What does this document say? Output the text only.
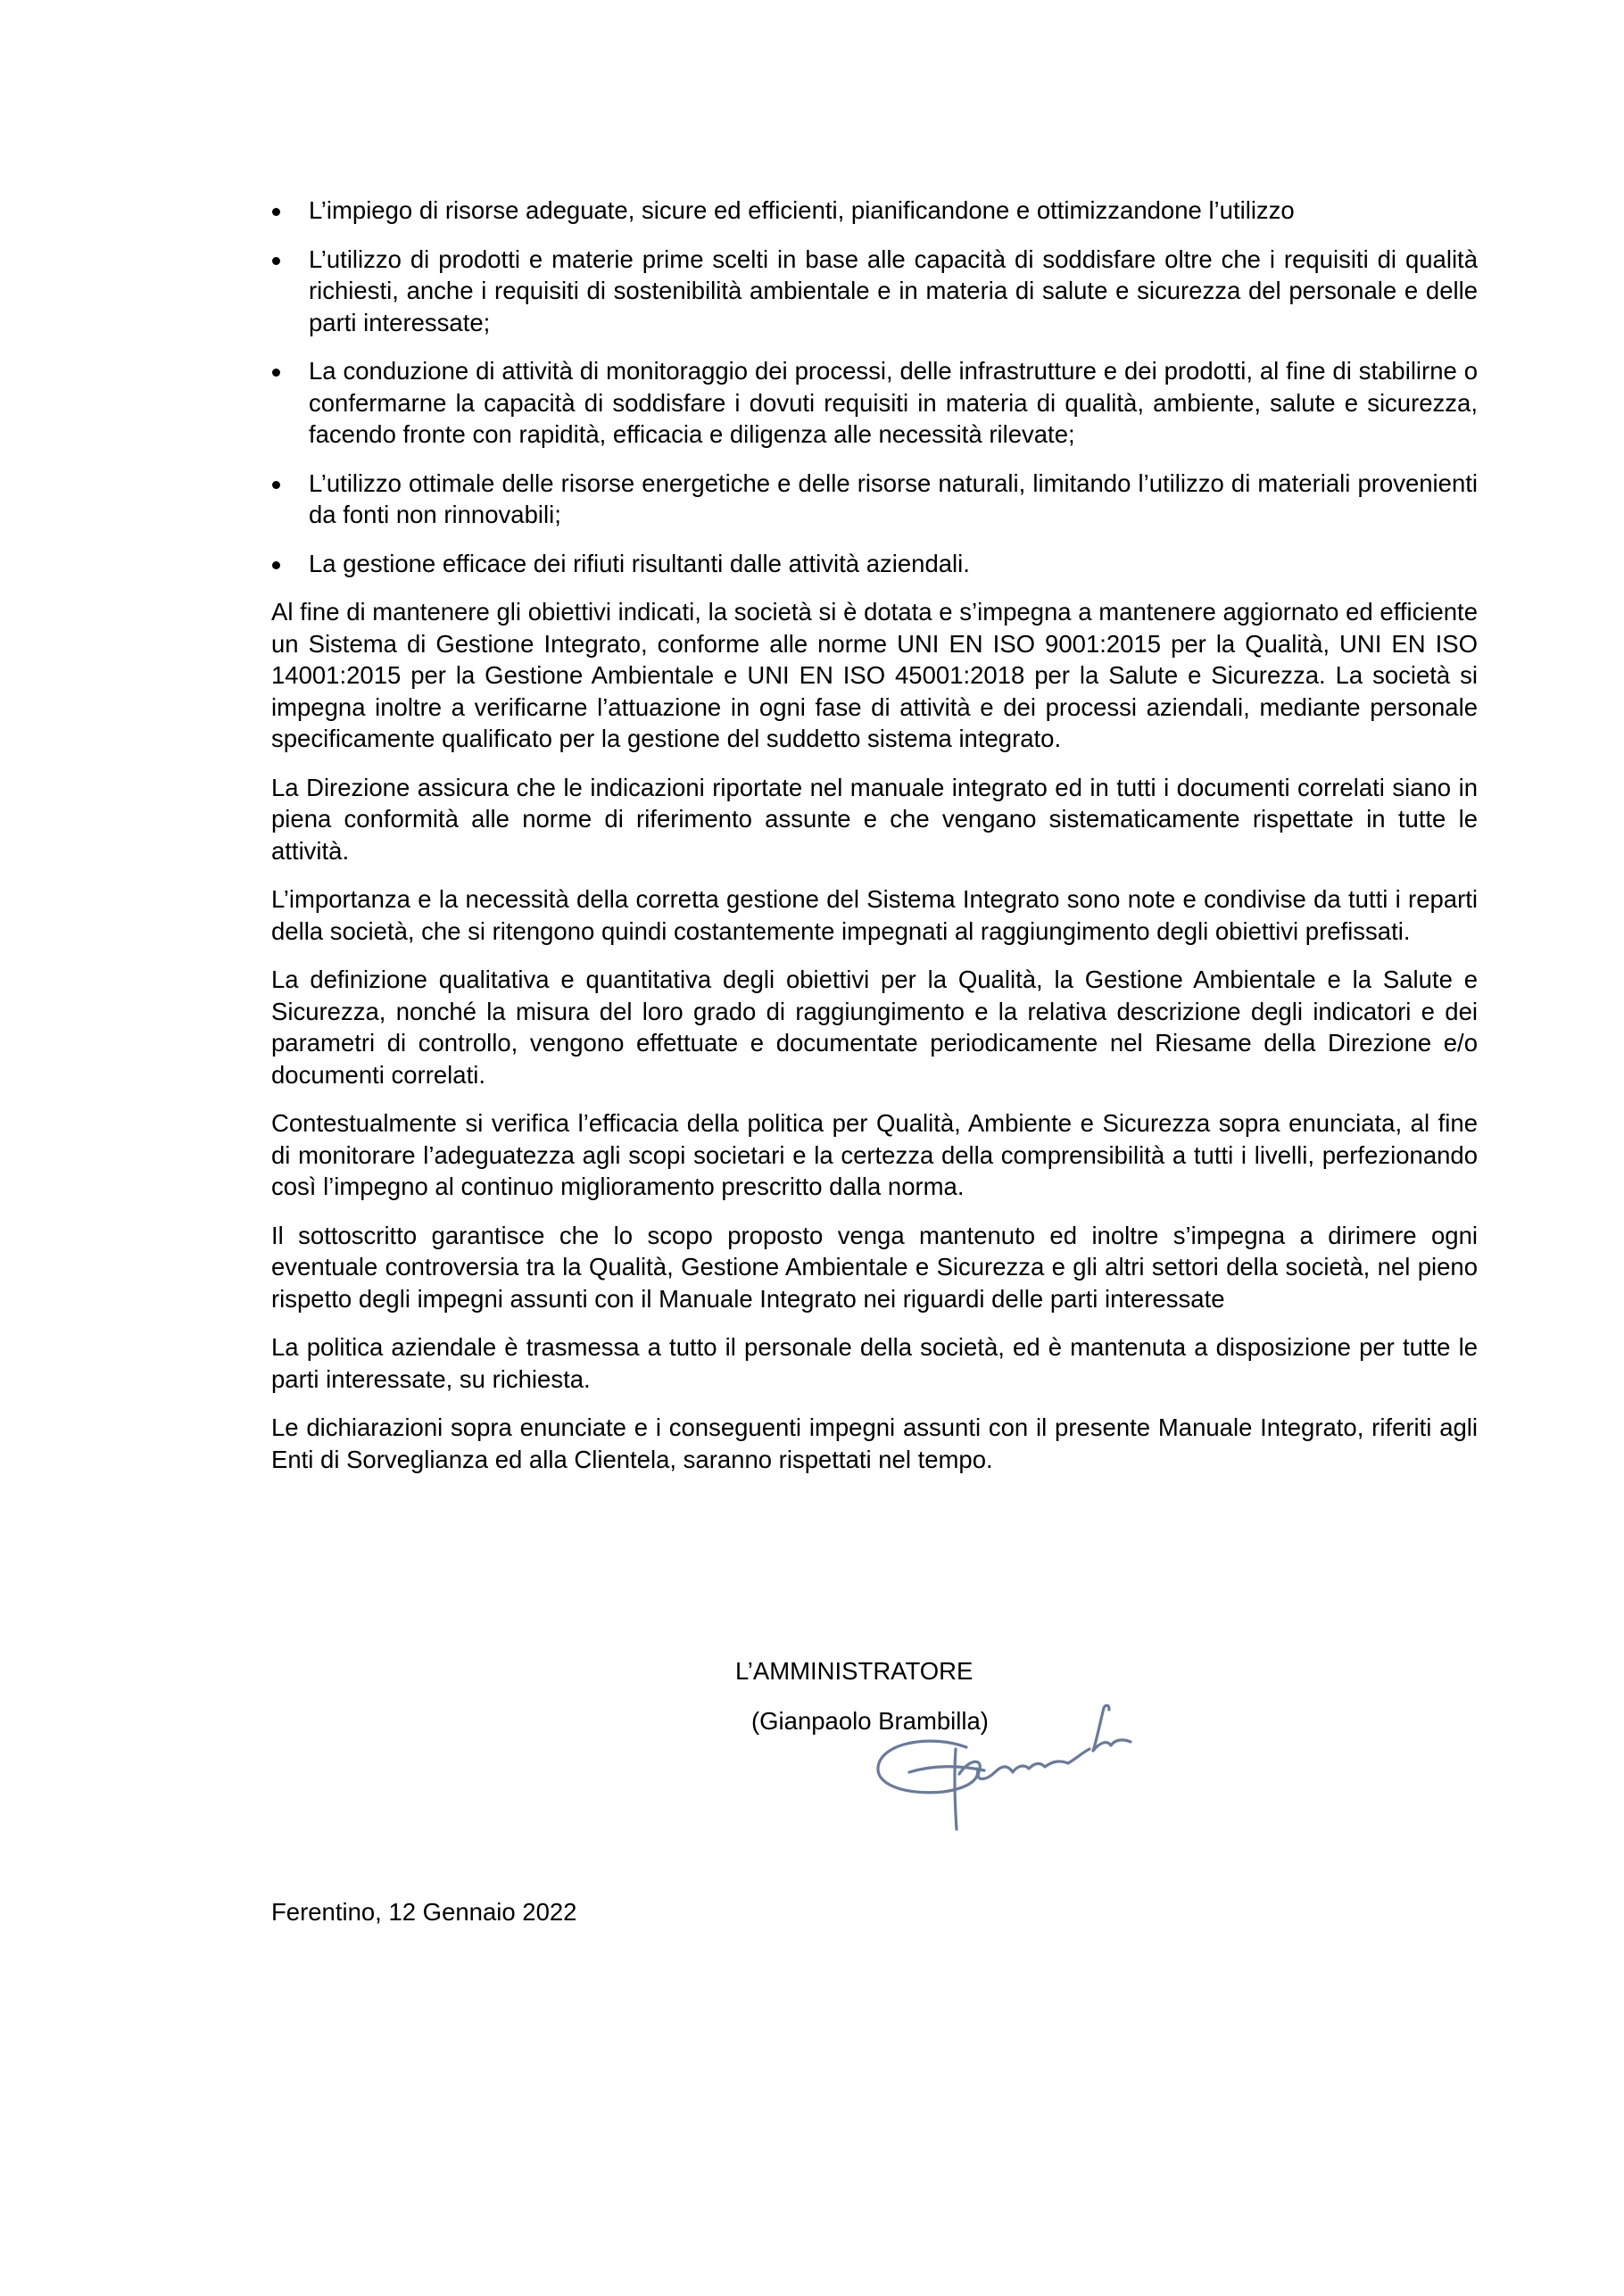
L’impiego di risorse adeguate, sicure ed efficienti, pianificandone e ottimizzandone l’utilizzo
L’utilizzo di prodotti e materie prime scelti in base alle capacità di soddisfare oltre che i requisiti di qualità richiesti, anche i requisiti di sostenibilità ambientale e in materia di salute e sicurezza del personale e delle parti interessate;
La conduzione di attività di monitoraggio dei processi, delle infrastrutture e dei prodotti, al fine di stabilirne o confermarne la capacità di soddisfare i dovuti requisiti in materia di qualità, ambiente, salute e sicurezza, facendo fronte con rapidità, efficacia e diligenza alle necessità rilevate;
L’utilizzo ottimale delle risorse energetiche e delle risorse naturali, limitando l’utilizzo di materiali provenienti da fonti non rinnovabili;
La gestione efficace dei rifiuti risultanti dalle attività aziendali.

Al fine di mantenere gli obiettivi indicati, la società si è dotata e s’impegna a mantenere aggiornato ed efficiente un Sistema di Gestione Integrato, conforme alle norme UNI EN ISO 9001:2015 per la Qualità, UNI EN ISO 14001:2015 per la Gestione Ambientale e UNI EN ISO 45001:2018 per la Salute e Sicurezza. La società si impegna inoltre a verificarne l’attuazione in ogni fase di attività e dei processi aziendali, mediante personale specificamente qualificato per la gestione del suddetto sistema integrato.

La Direzione assicura che le indicazioni riportate nel manuale integrato ed in tutti i documenti correlati siano in piena conformità alle norme di riferimento assunte e che vengano sistematicamente rispettate in tutte le attività.

L’importanza e la necessità della corretta gestione del Sistema Integrato sono note e condivise da tutti i reparti della società, che si ritengono quindi costantemente impegnati al raggiungimento degli obiettivi prefissati.

La definizione qualitativa e quantitativa degli obiettivi per la Qualità, la Gestione Ambientale e la Salute e Sicurezza, nonché la misura del loro grado di raggiungimento e la relativa descrizione degli indicatori e dei parametri di controllo, vengono effettuate e documentate periodicamente nel Riesame della Direzione e/o documenti correlati.

Contestualmente si verifica l’efficacia della politica per Qualità, Ambiente e Sicurezza sopra enunciata, al fine di monitorare l’adeguatezza agli scopi societari e la certezza della comprensibilità a tutti i livelli, perfezionando così l’impegno al continuo miglioramento prescritto dalla norma.

Il sottoscritto garantisce che lo scopo proposto venga mantenuto ed inoltre s’impegna a dirimere ogni eventuale controversia tra la Qualità, Gestione Ambientale e Sicurezza e gli altri settori della società, nel pieno rispetto degli impegni assunti con il Manuale Integrato nei riguardi delle parti interessate

La politica aziendale è trasmessa a tutto il personale della società, ed è mantenuta a disposizione per tutte le parti interessate, su richiesta.

Le dichiarazioni sopra enunciate e i conseguenti impegni assunti con il presente Manuale Integrato, riferiti agli Enti di Sorveglianza ed alla Clientela, saranno rispettati nel tempo.

L’AMMINISTRATORE
(Gianpaolo Brambilla)
Ferentino, 12 Gennaio 2022
